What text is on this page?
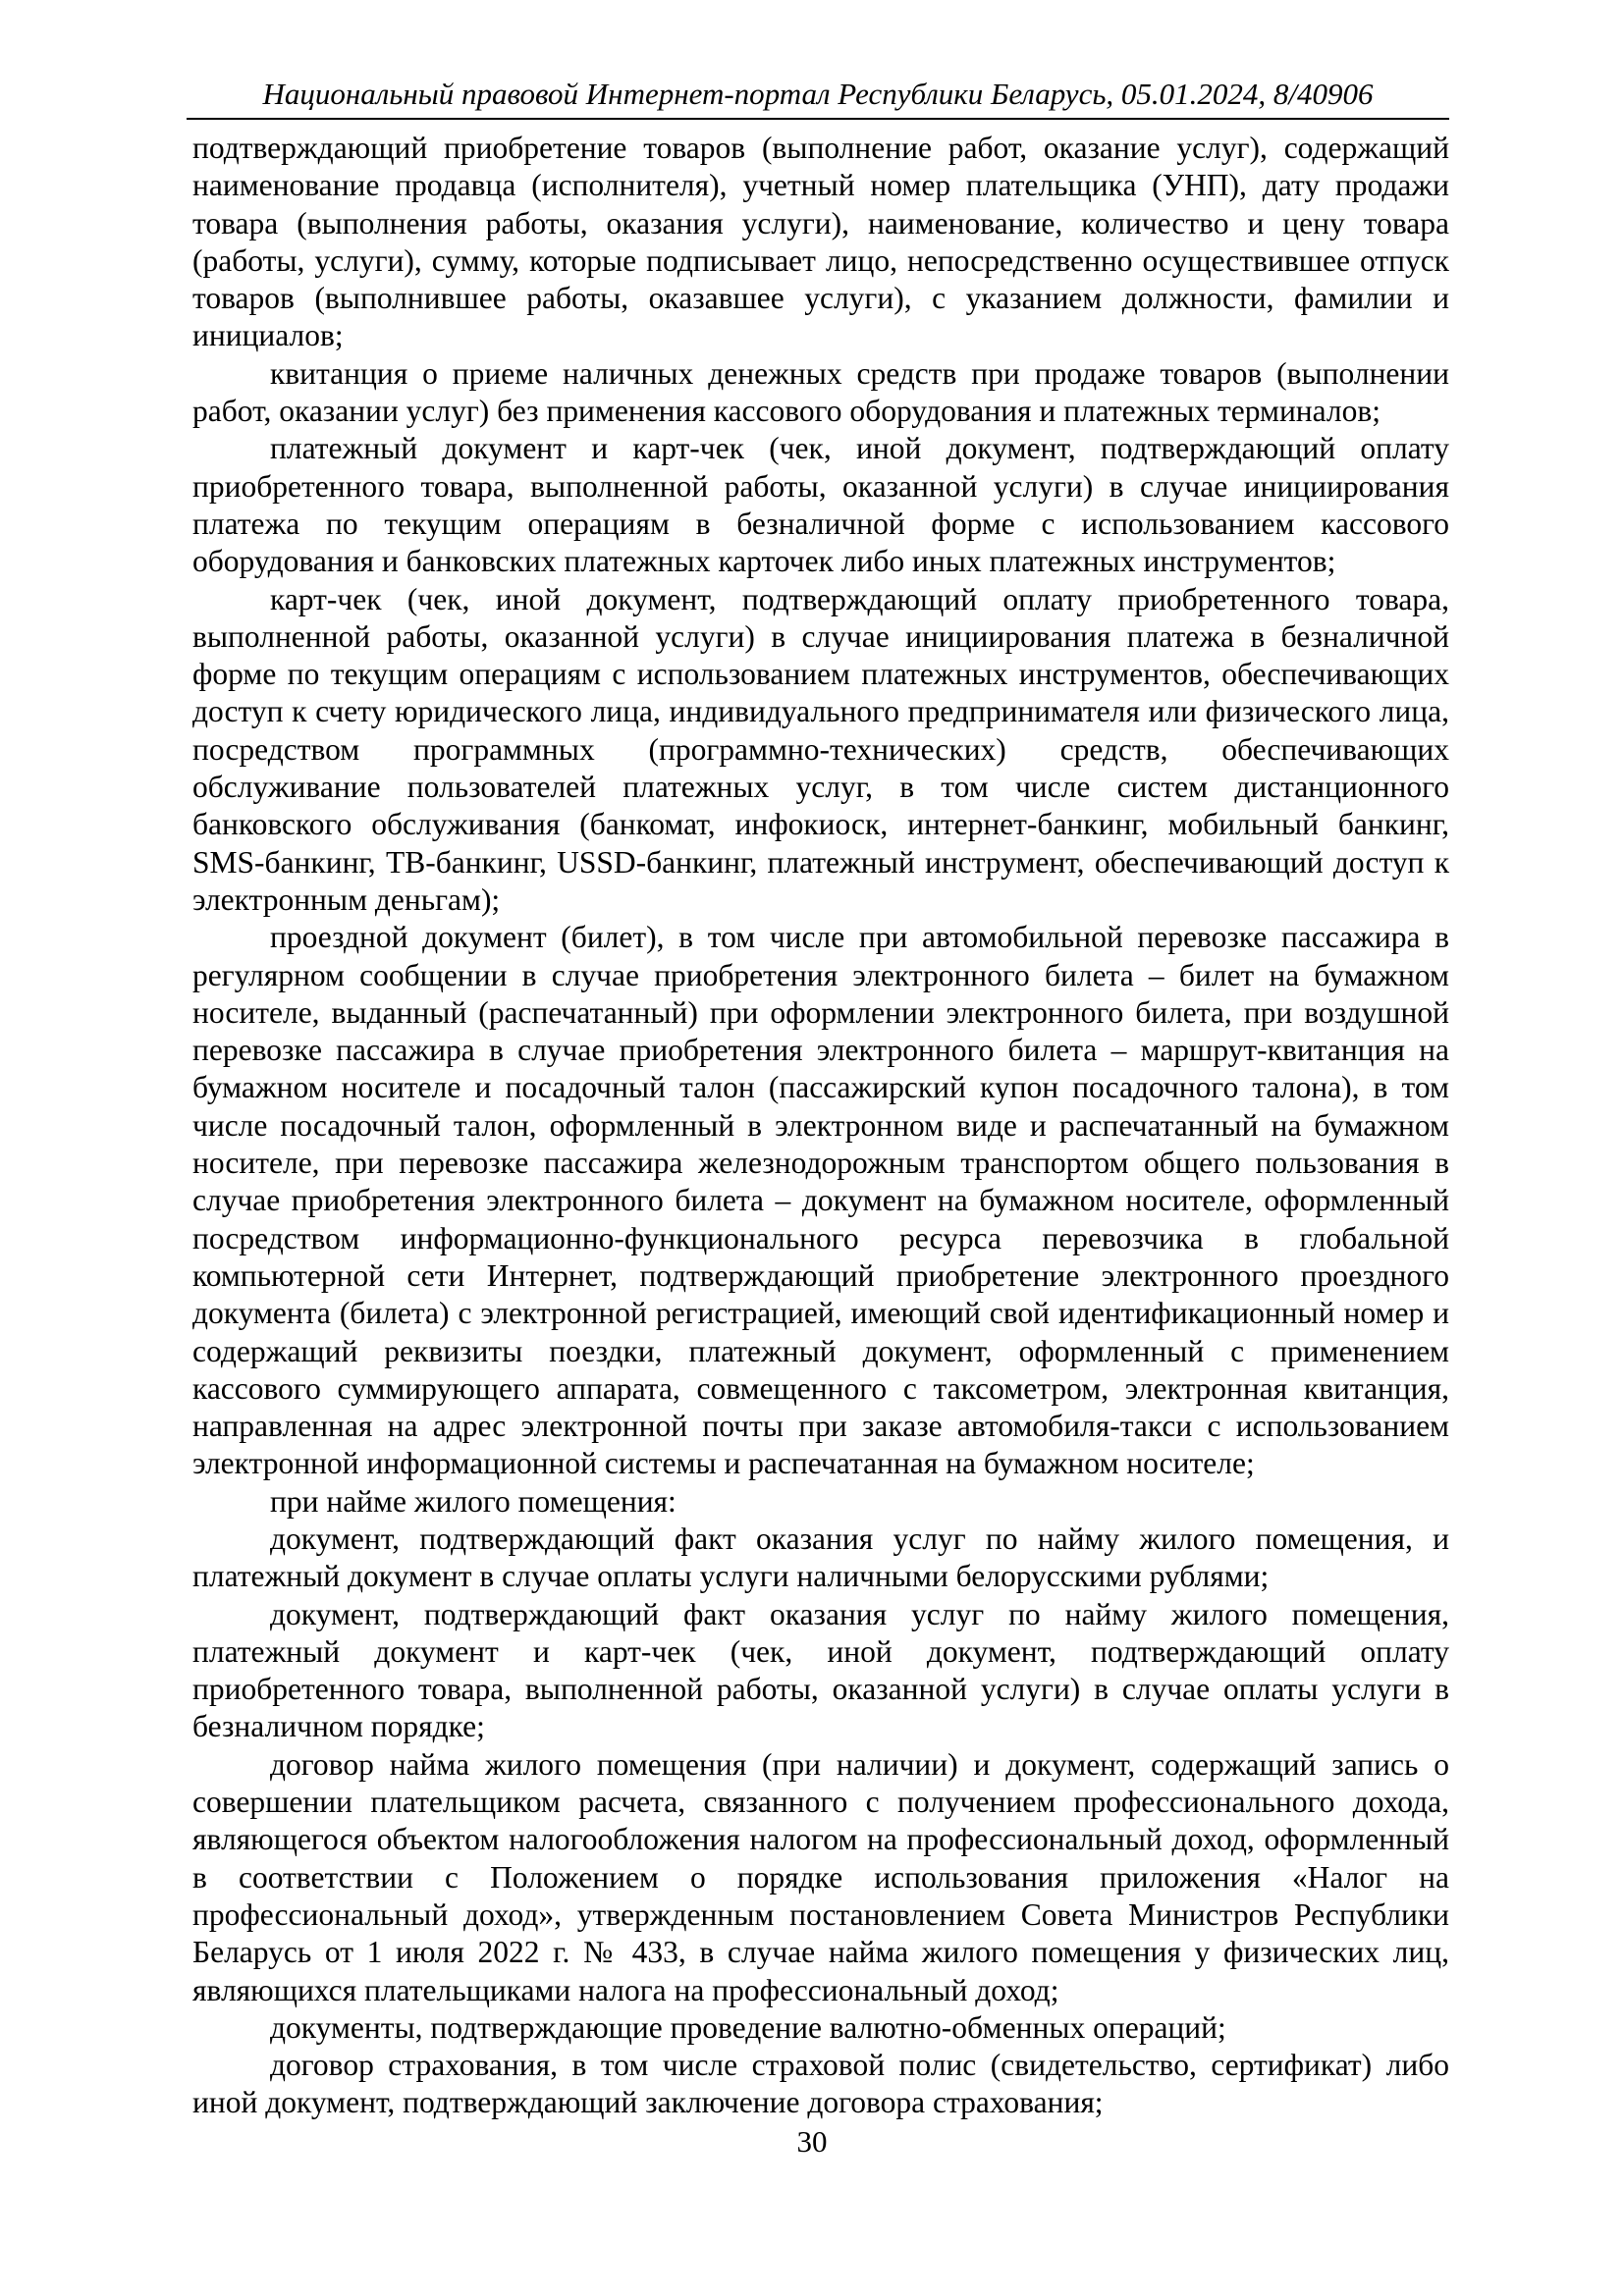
Национальный правовой Интернет-портал Республики Беларусь, 05.01.2024, 8/40906

подтверждающий приобретение товаров (выполнение работ, оказание услуг), содержащий наименование продавца (исполнителя), учетный номер плательщика (УНП), дату продажи товара (выполнения работы, оказания услуги), наименование, количество и цену товара (работы, услуги), сумму, которые подписывает лицо, непосредственно осуществившее отпуск товаров (выполнившее работы, оказавшее услуги), с указанием должности, фамилии и инициалов;

квитанция о приеме наличных денежных средств при продаже товаров (выполнении работ, оказании услуг) без применения кассового оборудования и платежных терминалов;

платежный документ и карт-чек (чек, иной документ, подтверждающий оплату приобретенного товара, выполненной работы, оказанной услуги) в случае инициирования платежа по текущим операциям в безналичной форме с использованием кассового оборудования и банковских платежных карточек либо иных платежных инструментов;

карт-чек (чек, иной документ, подтверждающий оплату приобретенного товара, выполненной работы, оказанной услуги) в случае инициирования платежа в безналичной форме по текущим операциям с использованием платежных инструментов, обеспечивающих доступ к счету юридического лица, индивидуального предпринимателя или физического лица, посредством программных (программно-технических) средств, обеспечивающих обслуживание пользователей платежных услуг, в том числе систем дистанционного банковского обслуживания (банкомат, инфокиоск, интернет-банкинг, мобильный банкинг, SMS-банкинг, ТВ-банкинг, USSD-банкинг, платежный инструмент, обеспечивающий доступ к электронным деньгам);

проездной документ (билет), в том числе при автомобильной перевозке пассажира в регулярном сообщении в случае приобретения электронного билета – билет на бумажном носителе, выданный (распечатанный) при оформлении электронного билета, при воздушной перевозке пассажира в случае приобретения электронного билета – маршрут-квитанция на бумажном носителе и посадочный талон (пассажирский купон посадочного талона), в том числе посадочный талон, оформленный в электронном виде и распечатанный на бумажном носителе, при перевозке пассажира железнодорожным транспортом общего пользования в случае приобретения электронного билета – документ на бумажном носителе, оформленный посредством информационно-функционального ресурса перевозчика в глобальной компьютерной сети Интернет, подтверждающий приобретение электронного проездного документа (билета) с электронной регистрацией, имеющий свой идентификационный номер и содержащий реквизиты поездки, платежный документ, оформленный с применением кассового суммирующего аппарата, совмещенного с таксометром, электронная квитанция, направленная на адрес электронной почты при заказе автомобиля-такси с использованием электронной информационной системы и распечатанная на бумажном носителе;

при найме жилого помещения:

документ, подтверждающий факт оказания услуг по найму жилого помещения, и платежный документ в случае оплаты услуги наличными белорусскими рублями;

документ, подтверждающий факт оказания услуг по найму жилого помещения, платежный документ и карт-чек (чек, иной документ, подтверждающий оплату приобретенного товара, выполненной работы, оказанной услуги) в случае оплаты услуги в безналичном порядке;

договор найма жилого помещения (при наличии) и документ, содержащий запись о совершении плательщиком расчета, связанного с получением профессионального дохода, являющегося объектом налогообложения налогом на профессиональный доход, оформленный в соответствии с Положением о порядке использования приложения «Налог на профессиональный доход», утвержденным постановлением Совета Министров Республики Беларусь от 1 июля 2022 г. № 433, в случае найма жилого помещения у физических лиц, являющихся плательщиками налога на профессиональный доход;

документы, подтверждающие проведение валютно-обменных операций;

договор страхования, в том числе страховой полис (свидетельство, сертификат) либо иной документ, подтверждающий заключение договора страхования;

30
